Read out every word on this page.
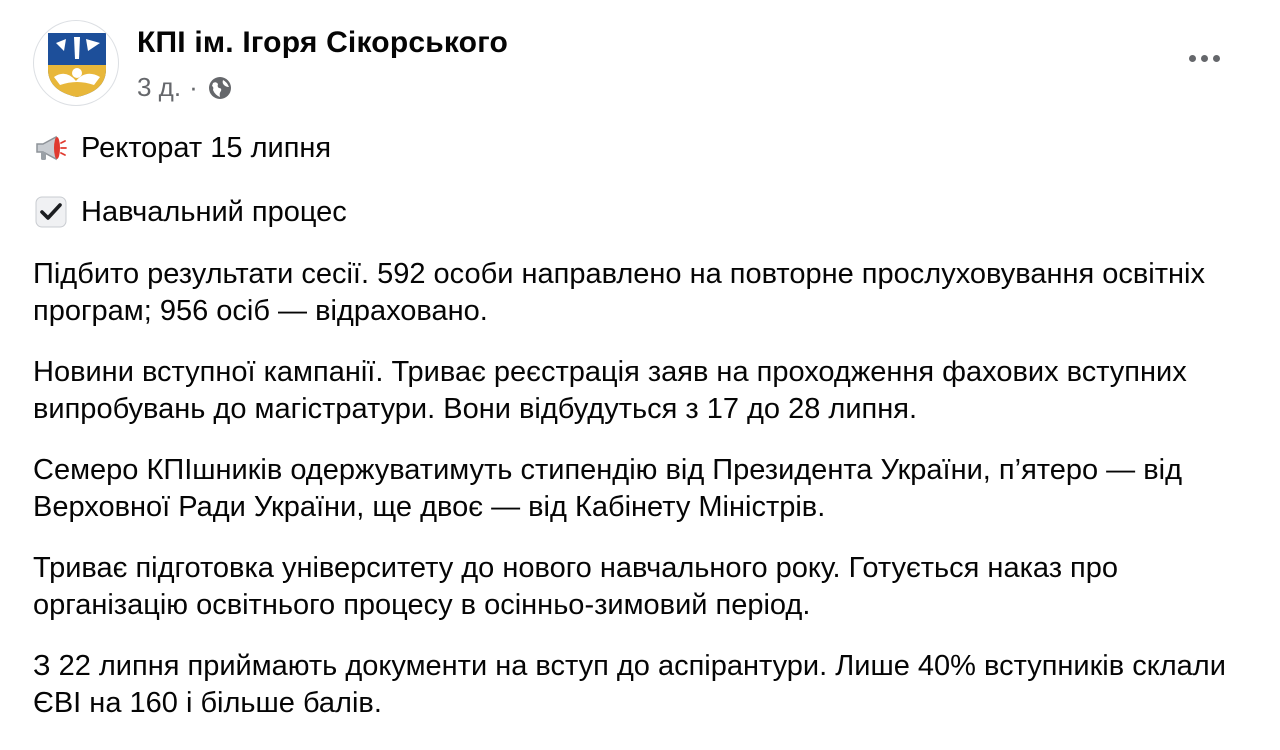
КПІ ім. Ігоря Сікорського
3 д. ·
Ректорат 15 липня
Навчальний процес

Підбито результати сесії. 592 особи направлено на повторне прослуховування освітніх програм; 956 осіб — відраховано.

Новини вступної кампанії. Триває реєстрація заяв на проходження фахових вступних випробувань до магістратури. Вони відбудуться з 17 до 28 липня.

Семеро КПІшників одержуватимуть стипендію від Президента України, п’ятеро — від Верховної Ради України, ще двоє — від Кабінету Міністрів.

Триває підготовка університету до нового навчального року. Готується наказ про організацію освітнього процесу в осінньо-зимовий період.

З 22 липня приймають документи на вступ до аспірантури. Лише 40% вступників склали ЄВІ на 160 і більше балів.
